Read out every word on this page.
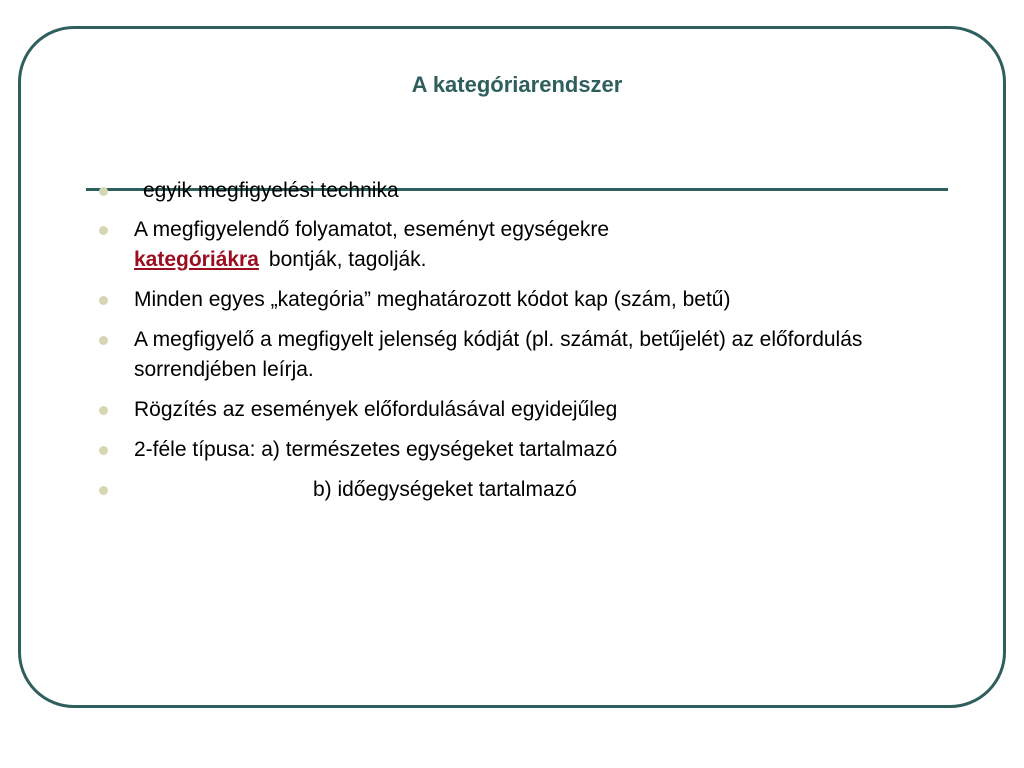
A kategóriarendszer
egyik megfigyelési technika
A megfigyelendő folyamatot, eseményt egységekre
kategóriákra bontják, tagolják.
Minden egyes „kategória” meghatározott kódot kap (szám, betű)
A megfigyelő a megfigyelt jelenség kódját (pl. számát, betűjelét) az előfordulás sorrendjében leírja.
Rögzítés az események előfordulásával egyidejűleg
2-féle típusa: a) természetes egységeket tartalmazó
b) időegységeket tartalmazó
